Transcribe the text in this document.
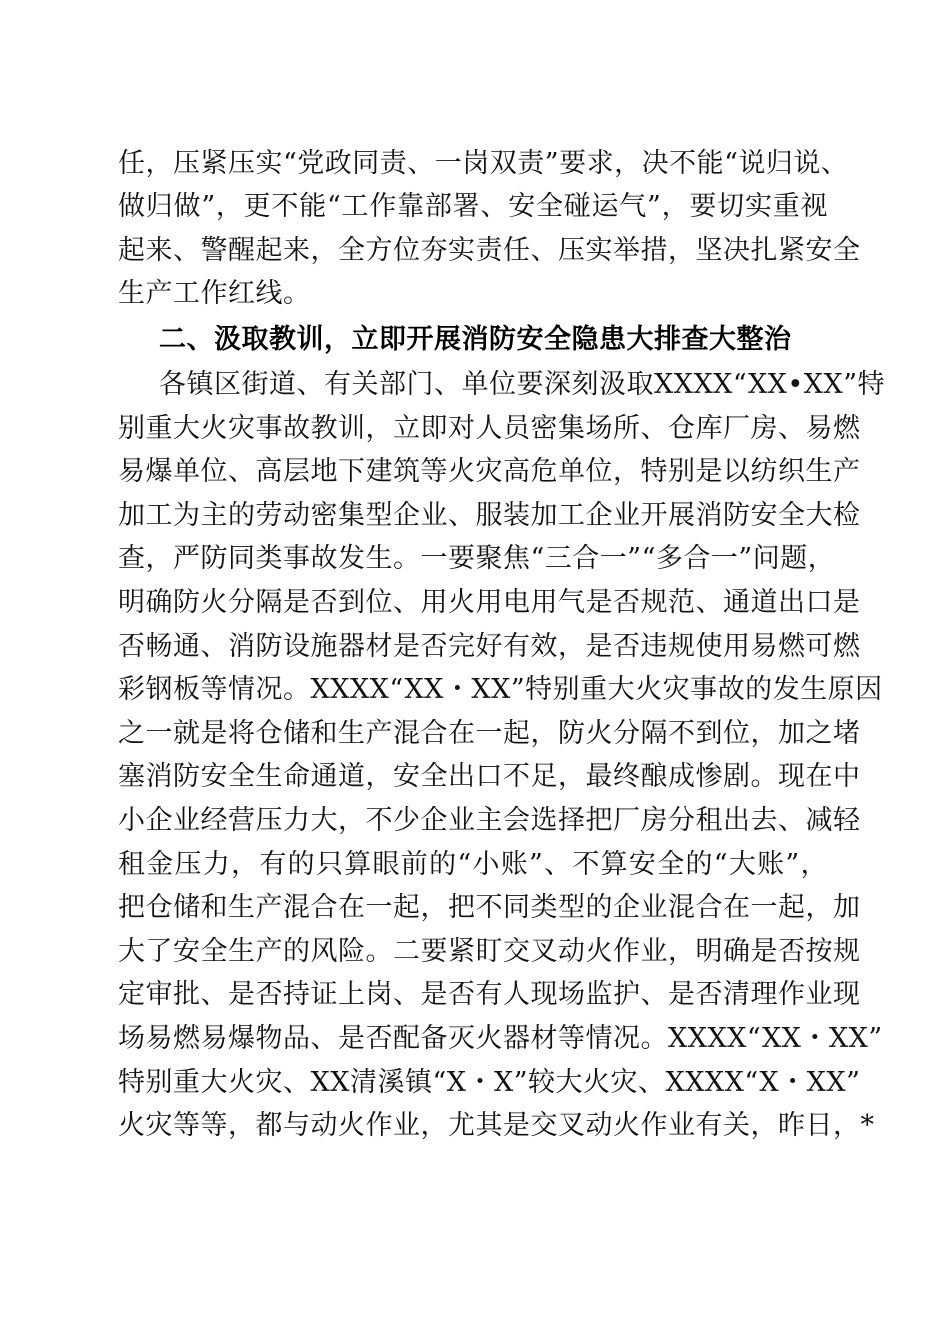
任，压紧压实“党政同责、一岗双责”要求，决不能“说归说、
做归做”，更不能“工作靠部署、安全碰运气”，要切实重视
起来、警醒起来，全方位夯实责任、压实举措，坚决扎紧安全
生产工作红线。
二、汲取教训，立即开展消防安全隐患大排查大整治
各镇区街道、有关部门、单位要深刻汲取XXXX“XX•XX”特
别重大火灾事故教训，立即对人员密集场所、仓库厂房、易燃
易爆单位、高层地下建筑等火灾高危单位，特别是以纺织生产
加工为主的劳动密集型企业、服装加工企业开展消防安全大检
查，严防同类事故发生。一要聚焦“三合一”“多合一”问题，
明确防火分隔是否到位、用火用电用气是否规范、通道出口是
否畅通、消防设施器材是否完好有效，是否违规使用易燃可燃
彩钢板等情况。XXXX“XX・XX”特别重大火灾事故的发生原因
之一就是将仓储和生产混合在一起，防火分隔不到位，加之堵
塞消防安全生命通道，安全出口不足，最终酿成惨剧。现在中
小企业经营压力大，不少企业主会选择把厂房分租出去、减轻
租金压力，有的只算眼前的“小账”、不算安全的“大账”，
把仓储和生产混合在一起，把不同类型的企业混合在一起，加
大了安全生产的风险。二要紧盯交叉动火作业，明确是否按规
定审批、是否持证上岗、是否有人现场监护、是否清理作业现
场易燃易爆物品、是否配备灭火器材等情况。XXXX“XX・XX”
特别重大火灾、XX清溪镇“X・X”较大火灾、XXXX“X・XX”
火灾等等，都与动火作业，尤其是交叉动火作业有关，昨日，*
